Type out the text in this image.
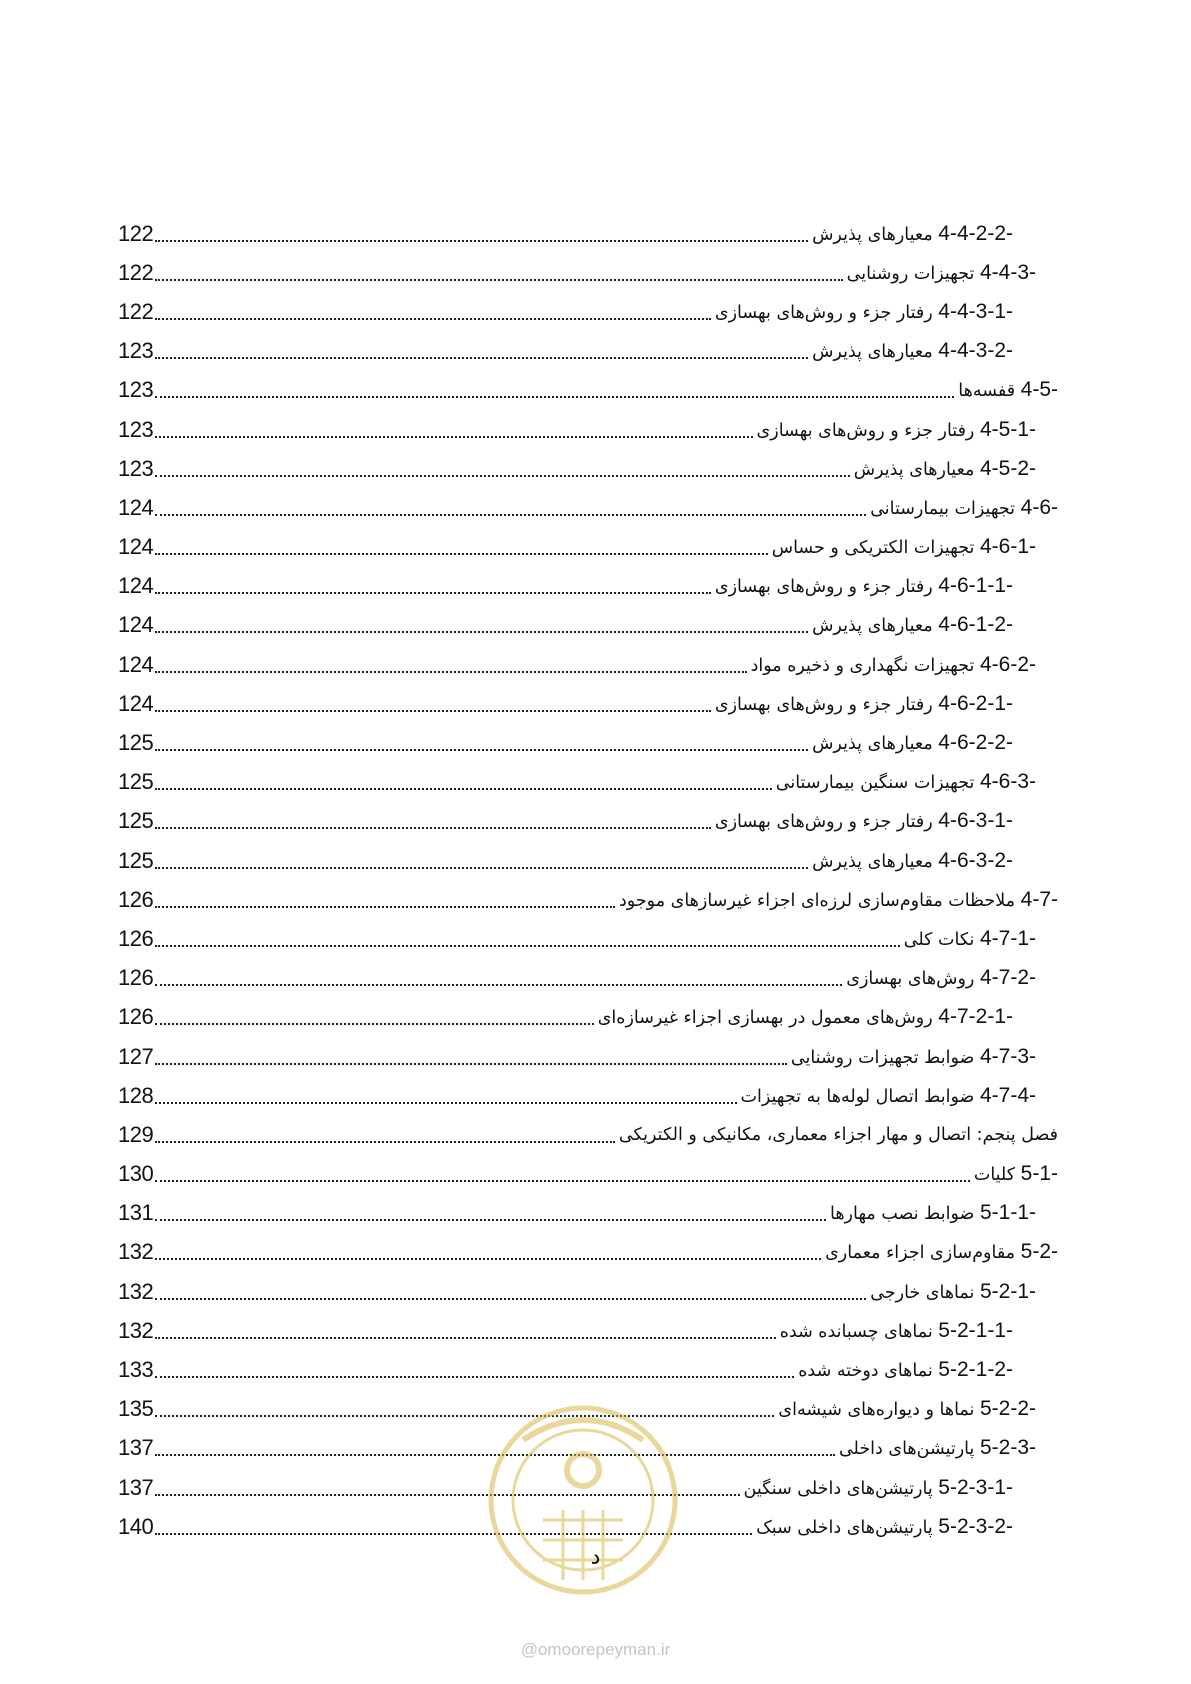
122	4-4-2-2- معیارهای پذیرش
122	4-4-3- تجهیزات روشنایی
122	4-4-3-1- رفتار جزء و روش‌های بهسازی
123	4-4-3-2- معیارهای پذیرش
123	4-5- قفسه‌ها
123	4-5-1- رفتار جزء و روش‌های بهسازی
123	4-5-2- معیارهای پذیرش
124	4-6- تجهیزات بیمارستانی
124	4-6-1- تجهیزات الکتریکی و حساس
124	4-6-1-1- رفتار جزء و روش‌های بهسازی
124	4-6-1-2- معیارهای پذیرش
124	4-6-2- تجهیزات نگهداری و ذخیره مواد
124	4-6-2-1- رفتار جزء و روش‌های بهسازی
125	4-6-2-2- معیارهای پذیرش
125	4-6-3- تجهیزات سنگین بیمارستانی
125	4-6-3-1- رفتار جزء و روش‌های بهسازی
125	4-6-3-2- معیارهای پذیرش
126	4-7- ملاحظات مقاوم‌سازی لرزه‌ای اجزاء غیرسازهای موجود
126	4-7-1- نکات کلی
126	4-7-2- روش‌های بهسازی
126	4-7-2-1- روش‌های معمول در بهسازی اجزاء غیرسازه‌ای
127	4-7-3- ضوابط تجهیزات روشنایی
128	4-7-4- ضوابط اتصال لوله‌ها به تجهیزات
129	فصل پنجم: اتصال و مهار اجزاء معماری، مکانیکی و الکتریکی
130	5-1- کلیات
131	5-1-1- ضوابط نصب مهارها
132	5-2- مقاوم‌سازی اجزاء معماری
132	5-2-1- نماهای خارجی
132	5-2-1-1- نماهای چسبانده شده
133	5-2-1-2- نماهای دوخته شده
135	5-2-2- نماها و دیواره‌های شیشه‌ای
137	5-2-3- پارتیشن‌های داخلی
137	5-2-3-1- پارتیشن‌های داخلی سنگین
140	5-2-3-2- پارتیشن‌های داخلی سبک
د
@omoorepeyman.ir
